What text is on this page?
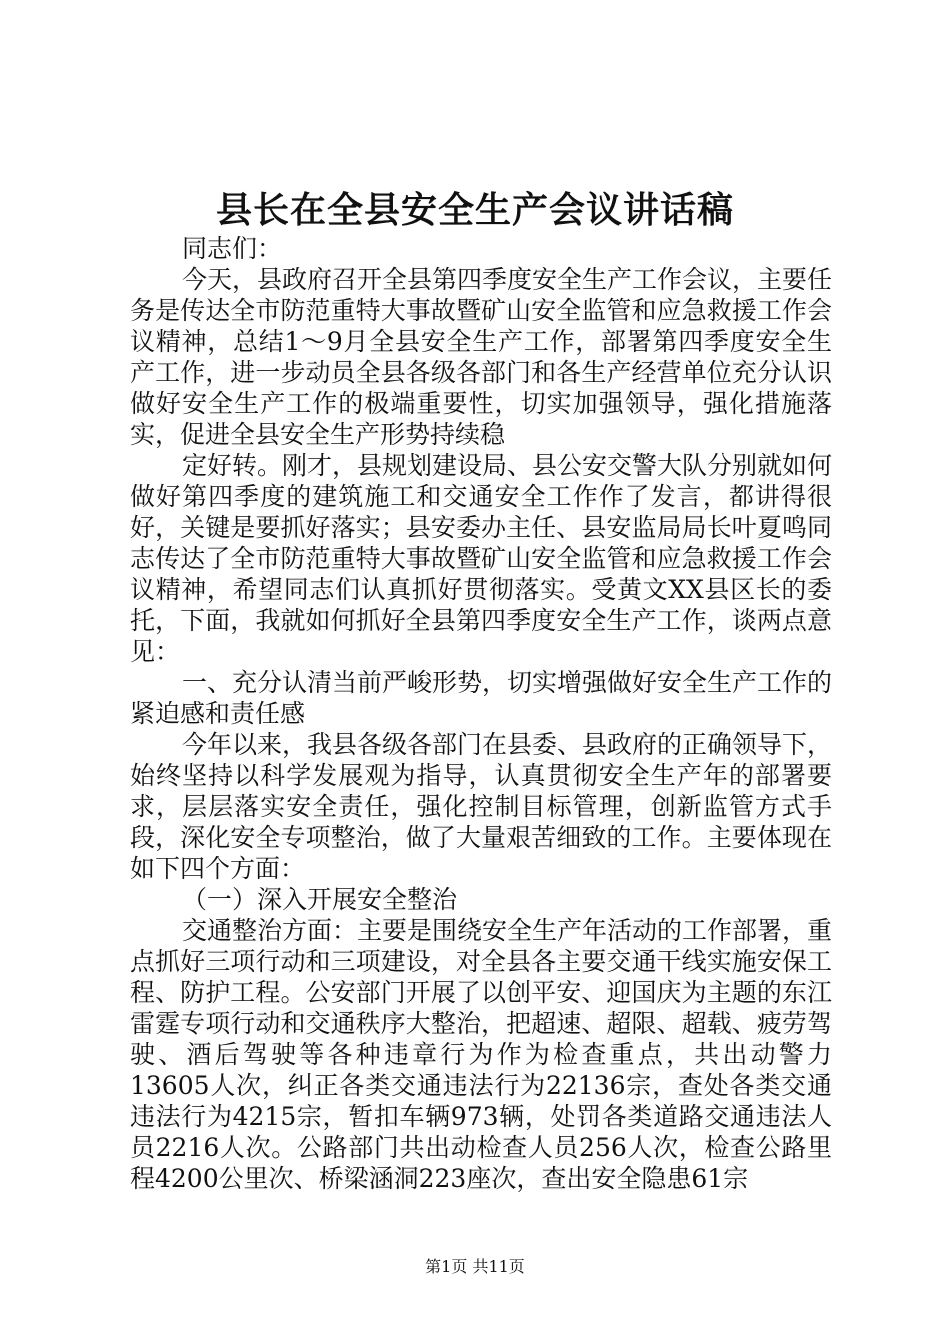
县长在全县安全生产会议讲话稿

同志们：

今天，县政府召开全县第四季度安全生产工作会议，主要任务是传达全市防范重特大事故暨矿山安全监管和应急救援工作会议精神，总结1～9月全县安全生产工作，部署第四季度安全生产工作，进一步动员全县各级各部门和各生产经营单位充分认识做好安全生产工作的极端重要性，切实加强领导，强化措施落实，促进全县安全生产形势持续稳

定好转。刚才，县规划建设局、县公安交警大队分别就如何做好第四季度的建筑施工和交通安全工作作了发言，都讲得很好，关键是要抓好落实；县安委办主任、县安监局局长叶夏鸣同志传达了全市防范重特大事故暨矿山安全监管和应急救援工作会议精神，希望同志们认真抓好贯彻落实。受黄文XX县区长的委托，下面，我就如何抓好全县第四季度安全生产工作，谈两点意见：

一、充分认清当前严峻形势，切实增强做好安全生产工作的紧迫感和责任感

今年以来，我县各级各部门在县委、县政府的正确领导下，始终坚持以科学发展观为指导，认真贯彻安全生产年的部署要求，层层落实安全责任，强化控制目标管理，创新监管方式手段，深化安全专项整治，做了大量艰苦细致的工作。主要体现在如下四个方面：

（一）深入开展安全整治

交通整治方面：主要是围绕安全生产年活动的工作部署，重点抓好三项行动和三项建设，对全县各主要交通干线实施安保工程、防护工程。公安部门开展了以创平安、迎国庆为主题的东江雷霆专项行动和交通秩序大整治，把超速、超限、超载、疲劳驾驶、酒后驾驶等各种违章行为作为检查重点，共出动警力13605人次，纠正各类交通违法行为22136宗，查处各类交通违法行为4215宗，暂扣车辆973辆，处罚各类道路交通违法人员2216人次。公路部门共出动检查人员256人次，检查公路里程4200公里次、桥梁涵洞223座次，查出安全隐患61宗

第1页 共11页
